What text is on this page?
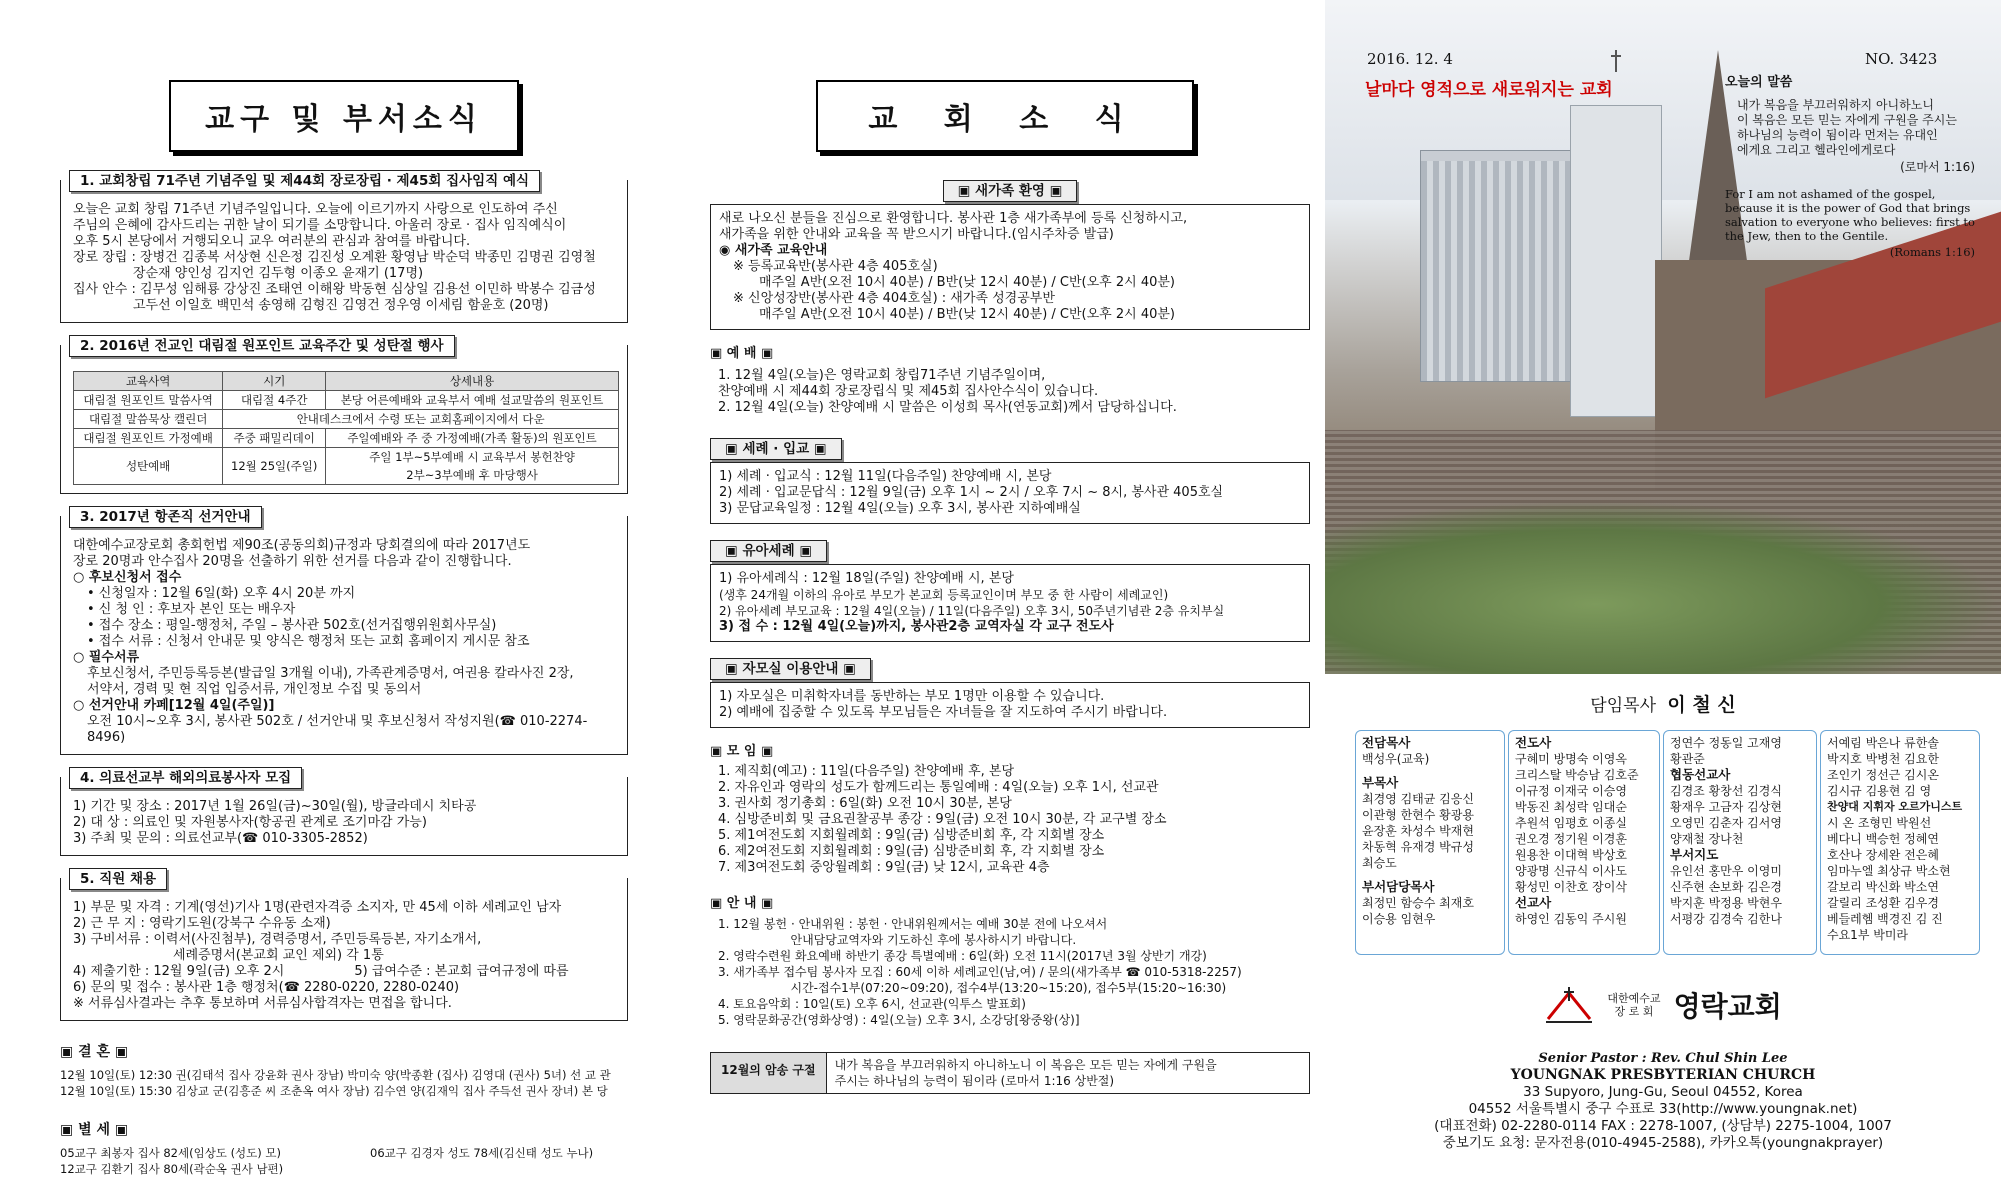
교구 및 부서소식
1. 교회창립 71주년 기념주일 및 제44회 장로장립 · 제45회 집사임직 예식

오늘은 교회 창립 71주년 기념주일입니다. 오늘에 이르기까지 사랑으로 인도하여 주신

주님의 은혜에 감사드리는 귀한 날이 되기를 소망합니다. 아울러 장로 · 집사 임직예식이

오후 5시 본당에서 거행되오니 교우 여러분의 관심과 참여를 바랍니다.

장로 장립 : 장병건 김종복 서상현 신은정 김진성 오계환 황영남 박순덕 박종민 김명권 김영철

장순재 양인성 김지언 김두형 이종오 윤재기 (17명)

집사 안수 : 김무성 임해룡 강상진 조태연 이해왕 박동현 심상일 김용선 이민하 박봉수 김금성

고두선 이일호 백민석 송영해 김형진 김영건 정우영 이세림 함윤호 (20명)

2. 2016년 전교인 대림절 원포인트 교육주간 및 성탄절 행사
교육사역	시기	상세내용
대림절 원포인트 말씀사역	대림절 4주간	본당 어른예배와 교육부서 예배 설교말씀의 원포인트
대림절 말씀묵상 캘린더	안내데스크에서 수령 또는 교회홈페이지에서 다운	
대림절 원포인트 가정예배	주중 패밀리데이	주일예배와 주 중 가정예배(가족 활동)의 원포인트
성탄예배	12월 25일(주일)	주일 1부~5부예배 시 교육부서 봉헌찬양
		2부~3부예배 후 마당행사
3. 2017년 항존직 선거안내

대한예수교장로회 총회헌법 제90조(공동의회)규정과 당회결의에 따라 2017년도

장로 20명과 안수집사 20명을 선출하기 위한 선거를 다음과 같이 진행합니다.

○ 후보신청서 접수

• 신청일자 : 12월 6일(화) 오후 4시 20분 까지

• 신 청 인 : 후보자 본인 또는 배우자

• 접수 장소 : 평일-행정처, 주일 – 봉사관 502호(선거집행위원회사무실)

• 접수 서류 : 신청서 안내문 및 양식은 행정처 또는 교회 홈페이지 게시문 참조

○ 필수서류

후보신청서, 주민등록등본(발급일 3개월 이내), 가족관계증명서, 여권용 칼라사진 2장,

서약서, 경력 및 현 직업 입증서류, 개인정보 수집 및 동의서

○ 선거안내 카페[12월 4일(주일)]

오전 10시~오후 3시, 봉사관 502호 / 선거안내 및 후보신청서 작성지원(☎ 010-2274-8496)

4. 의료선교부 해외의료봉사자 모집

1) 기간 및 장소 : 2017년 1월 26일(금)~30일(월), 방글라데시 치타공

2) 대 상 : 의료인 및 자원봉사자(항공권 관계로 조기마감 가능)

3) 주최 및 문의 : 의료선교부(☎ 010-3305-2852)

5. 직원 채용

1) 부문 및 자격 : 기계(영선)기사 1명(관련자격증 소지자, 만 45세 이하 세례교인 남자

2) 근 무 지 : 영락기도원(강북구 수유동 소재)

3) 구비서류 : 이력서(사진첨부), 경력증명서, 주민등록등본, 자기소개서,

세례증명서(본교회 교인 제외) 각 1통

4) 제출기한 : 12월 9일(금) 오후 2시	5) 급여수준 : 본교회 급여규정에 따름

6) 문의 및 접수 : 봉사관 1층 행정처(☎ 2280-0220, 2280-0240)

※ 서류심사결과는 추후 통보하며 서류심사합격자는 면접을 합니다.

▣ 결 혼 ▣

12월 10일(토) 12:30 권(김태석 집사 강윤화 권사 장남) 박미숙 양(박종환 (집사) 김영대 (권사) 5녀) 선 교 관

12월 10일(토) 15:30 김상교 군(김흥준 씨 조춘옥 여사 장남) 김수연 양(김재익 집사 주득선 권사 장녀) 본 당

▣ 별 세 ▣

05교구 최봉자 집사 82세(임상도 (성도) 모)

12교구 김환기 집사 80세(곽순옥 권사 남편)

06교구 김경자 성도 78세(김신태 성도 누나)

교 회 소 식
▣ 새가족 환영 ▣

새로 나오신 분들을 진심으로 환영합니다. 봉사관 1층 새가족부에 등록 신청하시고,

새가족을 위한 안내와 교육을 꼭 받으시기 바랍니다.(임시주차증 발급)

◉ 새가족 교육안내

※ 등록교육반(봉사관 4층 405호실)

매주일 A반(오전 10시 40분) / B반(낮 12시 40분) / C반(오후 2시 40분)

※ 신앙성장반(봉사관 4층 404호실) : 새가족 성경공부반

매주일 A반(오전 10시 40분) / B반(낮 12시 40분) / C반(오후 2시 40분)

▣ 예 배 ▣

1. 12월 4일(오늘)은 영락교회 창립71주년 기념주일이며,

찬양예배 시 제44회 장로장립식 및 제45회 집사안수식이 있습니다.

2. 12월 4일(오늘) 찬양예배 시 말씀은 이성희 목사(연동교회)께서 담당하십니다.

▣ 세례 · 입교 ▣

1) 세례 · 입교식 : 12월 11일(다음주일) 찬양예배 시, 본당

2) 세례 · 입교문답식 : 12월 9일(금) 오후 1시 ~ 2시 / 오후 7시 ~ 8시, 봉사관 405호실

3) 문답교육일정 : 12월 4일(오늘) 오후 3시, 봉사관 지하예배실

▣ 유아세례 ▣

1) 유아세례식 : 12월 18일(주일) 찬양예배 시, 본당

(생후 24개월 이하의 유아로 부모가 본교회 등록교인이며 부모 중 한 사람이 세례교인)

2) 유아세례 부모교육 : 12월 4일(오늘) / 11일(다음주일) 오후 3시, 50주년기념관 2층 유치부실

3) 접 수 : 12월 4일(오늘)까지, 봉사관2층 교역자실 각 교구 전도사

▣ 자모실 이용안내 ▣

1) 자모실은 미취학자녀를 동반하는 부모 1명만 이용할 수 있습니다.

2) 예배에 집중할 수 있도록 부모님들은 자녀들을 잘 지도하여 주시기 바랍니다.

▣ 모 임 ▣

1. 제직회(예고) : 11일(다음주일) 찬양예배 후, 본당

2. 자유인과 영락의 성도가 함께드리는 통일예배 : 4일(오늘) 오후 1시, 선교관

3. 권사회 정기총회 : 6일(화) 오전 10시 30분, 본당

4. 심방준비회 및 금요권찰공부 종강 : 9일(금) 오전 10시 30분, 각 교구별 장소

5. 제1여전도회 지회월례회 : 9일(금) 심방준비회 후, 각 지회별 장소

6. 제2여전도회 지회월례회 : 9일(금) 심방준비회 후, 각 지회별 장소

7. 제3여전도회 중앙월례회 : 9일(금) 낮 12시, 교육관 4층

▣ 안 내 ▣

1. 12월 봉헌 · 안내위원 : 봉헌 · 안내위원께서는 예배 30분 전에 나오셔서

안내담당교역자와 기도하신 후에 봉사하시기 바랍니다.

2. 영락수련원 화요예배 하반기 종강 특별예배 : 6일(화) 오전 11시(2017년 3월 상반기 개강)

3. 새가족부 접수팀 봉사자 모집 : 60세 이하 세례교인(남,여) / 문의(새가족부 ☎ 010-5318-2257)

시간-접수1부(07:20~09:20), 접수4부(13:20~15:20), 접수5부(15:20~16:30)

4. 토요음악회 : 10일(토) 오후 6시, 선교관(익투스 발표회)

5. 영락문화공간(영화상영) : 4일(오늘) 오후 3시, 소강당[왕중왕(상)]

12월의 암송 구절	내가 복음을 부끄러워하지 아니하노니 이 복음은 모든 믿는 자에게 구원을
주시는 하나님의 능력이 됨이라 (로마서 1:16 상반절)
2016. 12. 4	NO. 3423
날마다 영적으로 새로워지는 교회	오늘의 말씀
내가 복음을 부끄러워하지 아니하노니
이 복음은 모든 믿는 자에게 구원을 주시는
하나님의 능력이 됨이라 먼저는 유대인
에게요 그리고 헬라인에게로다
(로마서 1:16)
For I am not ashamed of the gospel,
because it is the power of God that brings
salvation to everyone who believes: first to
the Jew, then to the Gentile.
(Romans 1:16)
담임목사 이 철 신

전담목사

백성우(교육)

부목사

최경영 김태균 김응신

이관형 한현수 황광용

윤장훈 차성수 박재현

차동혁 유재경 박규성

최승도

부서담당목사

최정민 함승수 최재호

이승용 임현우

전도사

구혜미 방명숙 이영옥

크리스탈 박승남 김호준

이규정 이재국 이승영

박동진 최성락 임대순

추원석 임평호 이종실

권오경 정기원 이경훈

원용찬 이대혁 박상호

양광명 신규식 이사도

황성민 이찬호 장이삭

선교사

하영인 김동익 주시원

정연수 정동일 고재영

황관준

협동선교사

김경조 황창선 김경식

황재우 고금자 김상현

오영민 김춘자 김서영

양재철 장나천

부서지도

유인선 홍만우 이영미

신주현 손보화 김은경

박지훈 박정용 박현우

서평강 김경숙 김한나

서예림 박은나 류한솔

박지호 박병천 김요한

조인기 정선근 김시온

김시규 김용현 김 영

찬양대 지휘자 오르가니스트

시 온 조형민 박원선

베다니 백승헌 정혜연

호산나 장세완 전은혜

임마누엘 최상규 박소현

갈보리 박신화 박소연

갈릴리 조성환 김우경

베들레헴 백경진 김 진

수요1부 박미라

대한예수교
장 로 회 영락교회
Senior Pastor : Rev. Chul Shin Lee
YOUNGNAK PRESBYTERIAN CHURCH
33 Supyoro, Jung-Gu, Seoul 04552, Korea
04552 서울특별시 중구 수표로 33(http://www.youngnak.net)
(대표전화) 02-2280-0114 FAX : 2278-1007, (상담부) 2275-1004, 1007
중보기도 요청: 문자전용(010-4945-2588), 카카오톡(youngnakprayer)
